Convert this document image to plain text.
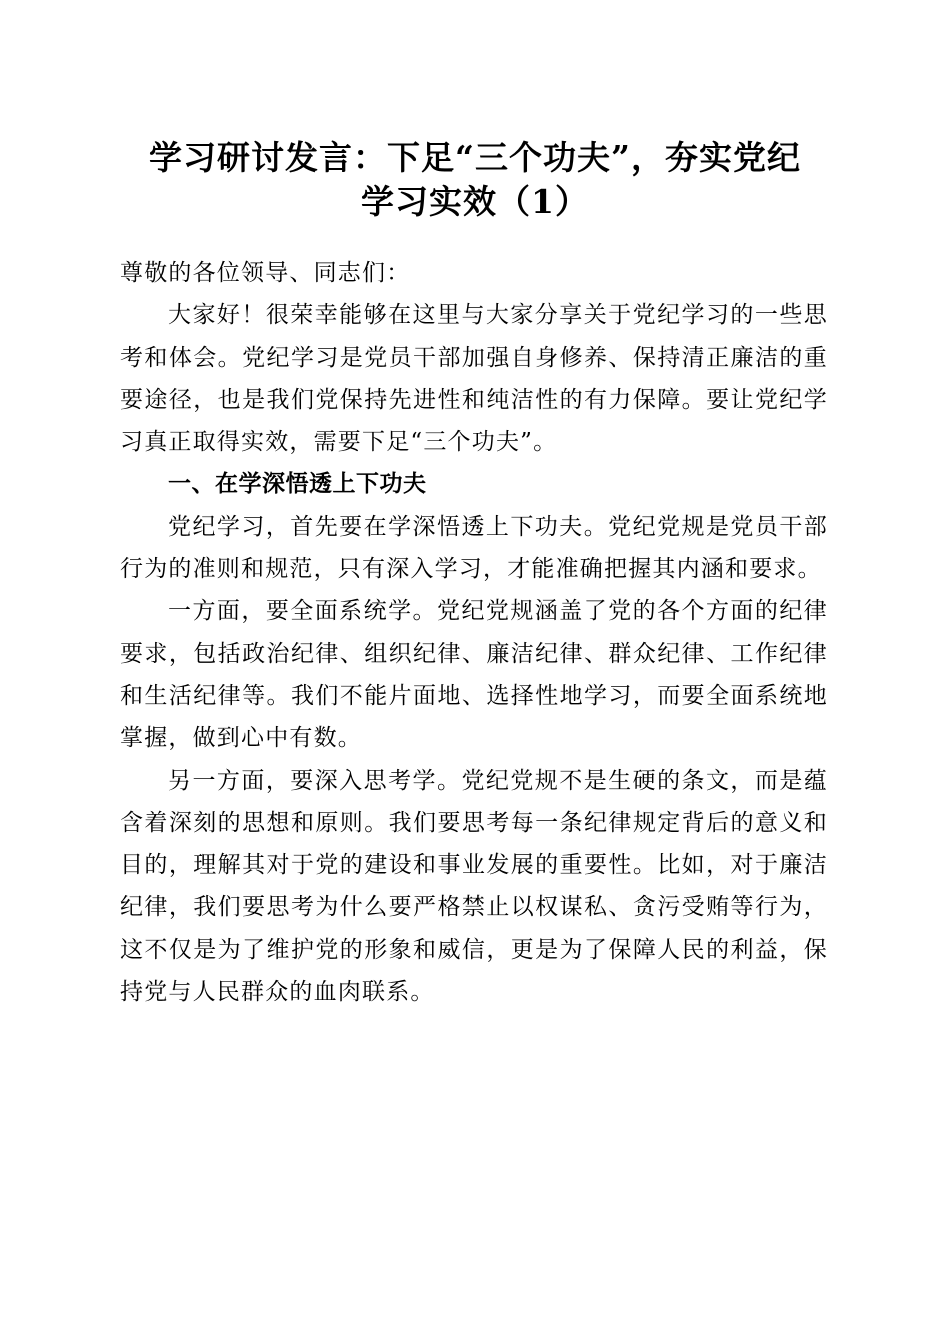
学习研讨发言：下足“三个功夫”，夯实党纪
学习实效（1）

尊敬的各位领导、同志们：

大家好！很荣幸能够在这里与大家分享关于党纪学习的一些思考和体会。党纪学习是党员干部加强自身修养、保持清正廉洁的重要途径，也是我们党保持先进性和纯洁性的有力保障。要让党纪学习真正取得实效，需要下足“三个功夫”。

一、在学深悟透上下功夫

党纪学习，首先要在学深悟透上下功夫。党纪党规是党员干部行为的准则和规范，只有深入学习，才能准确把握其内涵和要求。

一方面，要全面系统学。党纪党规涵盖了党的各个方面的纪律要求，包括政治纪律、组织纪律、廉洁纪律、群众纪律、工作纪律和生活纪律等。我们不能片面地、选择性地学习，而要全面系统地掌握，做到心中有数。

另一方面，要深入思考学。党纪党规不是生硬的条文，而是蕴含着深刻的思想和原则。我们要思考每一条纪律规定背后的意义和目的，理解其对于党的建设和事业发展的重要性。比如，对于廉洁纪律，我们要思考为什么要严格禁止以权谋私、贪污受贿等行为，这不仅是为了维护党的形象和威信，更是为了保障人民的利益，保持党与人民群众的血肉联系。
